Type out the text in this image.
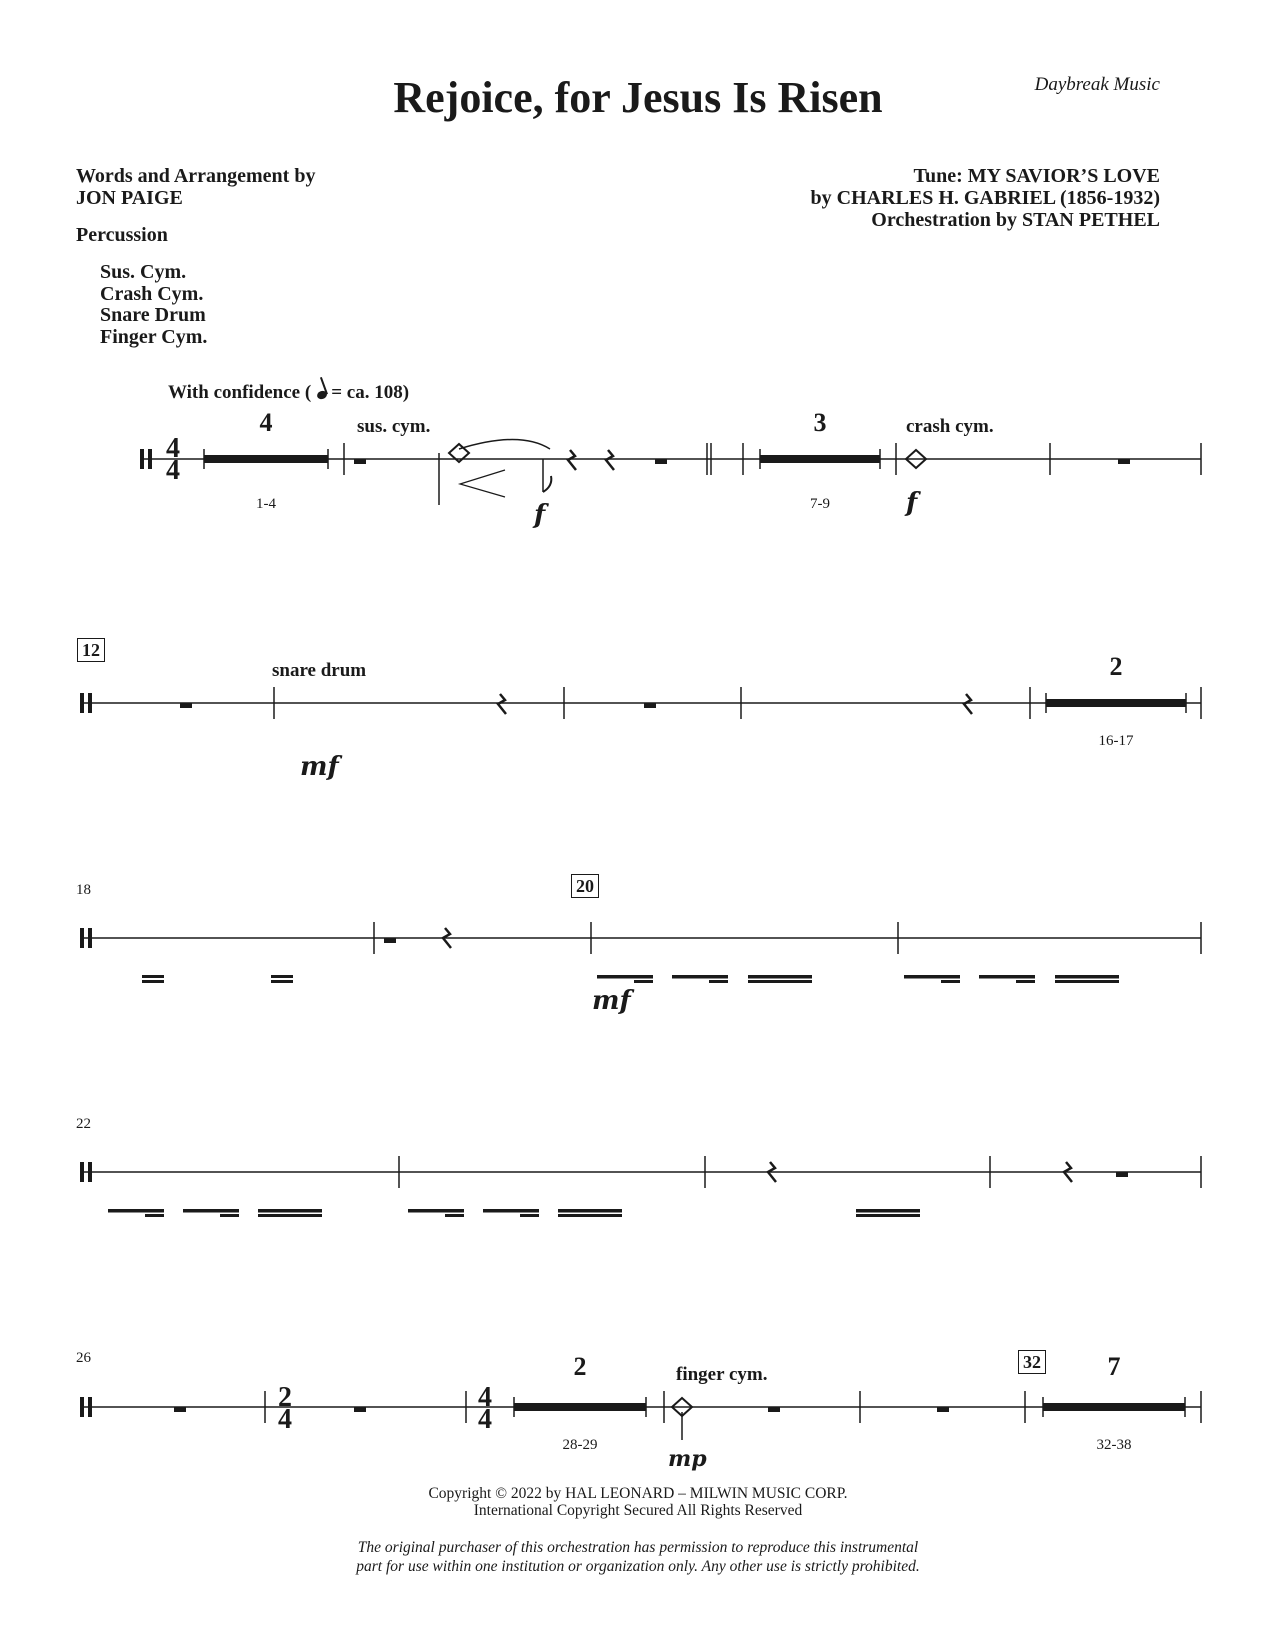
Rejoice, for Jesus Is Risen	Daybreak Music
Words and Arrangement by
JON PAIGE
Tune: MY SAVIOR’S LOVE
by CHARLES H. GABRIEL (1856-1932)
Orchestration by STAN PETHEL
Percussion
Sus. Cym.
Crash Cym.
Snare Drum
Finger Cym.
With confidence ( = ca. 108)
4
4
4
1-4
sus. cym.
f
3
7-9
crash cym.
f
12
snare drum
mf
2
16-17
18	20
mf
22
26
2
4
4
4
2
28-29
finger cym.
mp
32	7
32-38
Copyright © 2022 by HAL LEONARD – MILWIN MUSIC CORP.
International Copyright Secured All Rights Reserved
The original purchaser of this orchestration has permission to reproduce this instrumental
part for use within one institution or organization only. Any other use is strictly prohibited.
